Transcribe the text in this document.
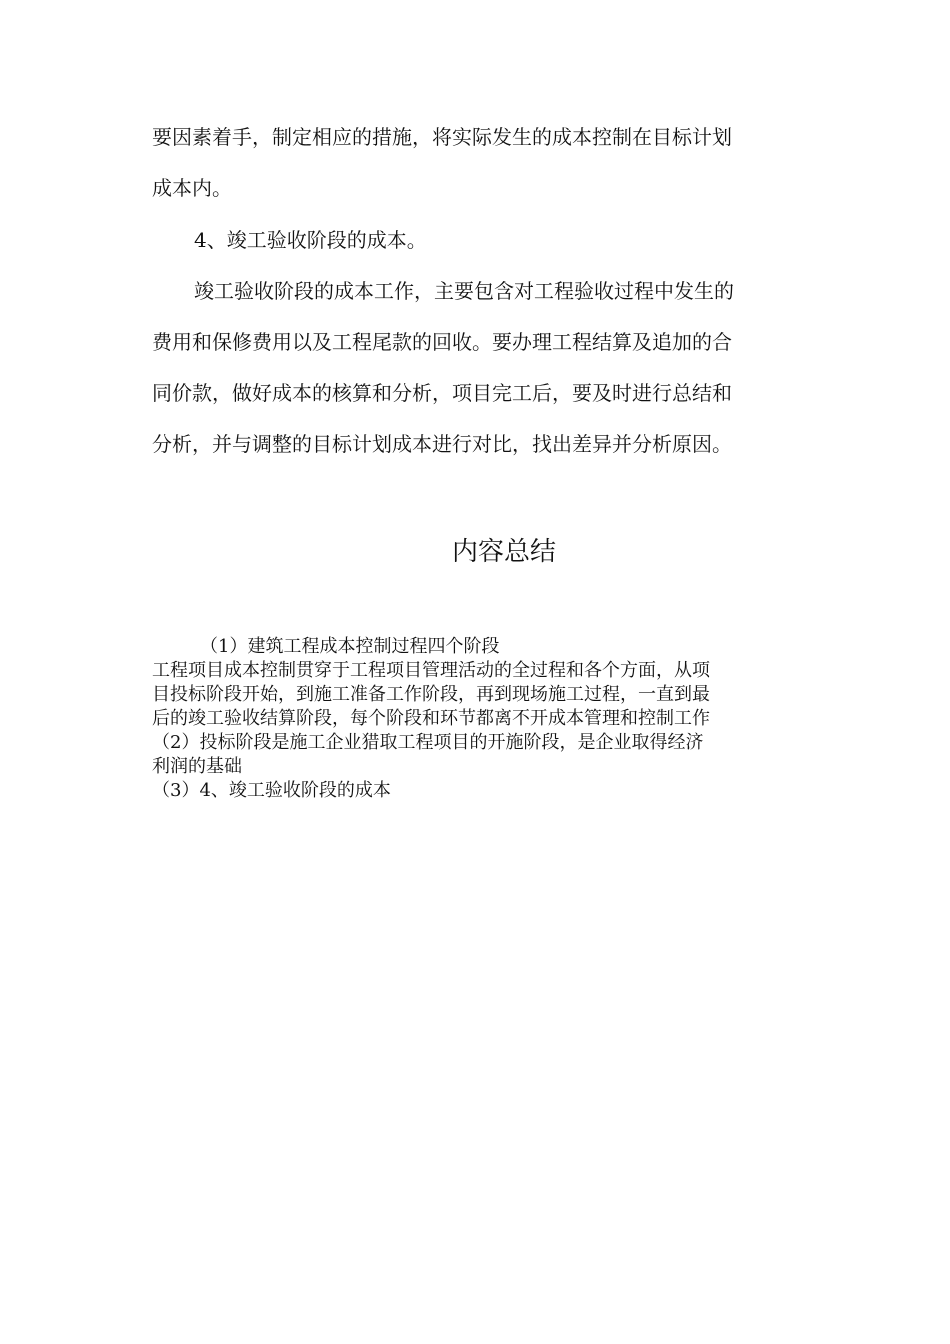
要因素着手，制定相应的措施，将实际发生的成本控制在目标计划
成本内。
4、竣工验收阶段的成本。
竣工验收阶段的成本工作，主要包含对工程验收过程中发生的
费用和保修费用以及工程尾款的回收。要办理工程结算及追加的合
同价款，做好成本的核算和分析，项目完工后，要及时进行总结和
分析，并与调整的目标计划成本进行对比，找出差异并分析原因。
内容总结
（1）建筑工程成本控制过程四个阶段
工程项目成本控制贯穿于工程项目管理活动的全过程和各个方面，从项
目投标阶段开始，到施工准备工作阶段，再到现场施工过程，一直到最
后的竣工验收结算阶段，每个阶段和环节都离不开成本管理和控制工作
（2）投标阶段是施工企业猎取工程项目的开施阶段，是企业取得经济
利润的基础
（3）4、竣工验收阶段的成本
